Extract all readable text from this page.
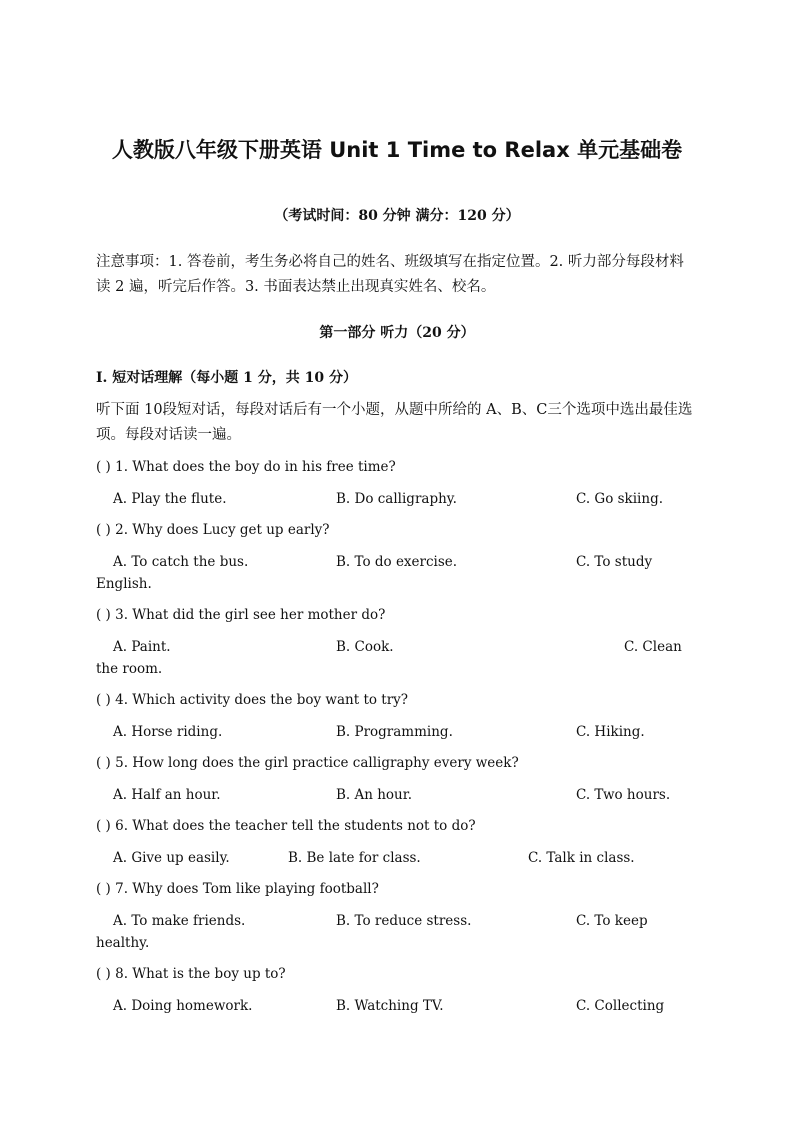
人教版八年级下册英语 Unit 1 Time to Relax 单元基础卷
（考试时间：80 分钟 满分：120 分）
注意事项：1. 答卷前，考生务必将自己的姓名、班级填写在指定位置。2. 听力部分每段材料读 2 遍，听完后作答。3. 书面表达禁止出现真实姓名、校名。
第一部分 听力（20 分）
Ⅰ. 短对话理解（每小题 1 分，共 10 分）
听下面 10段短对话，每段对话后有一个小题，从题中所给的 A、B、C三个选项中选出最佳选项。每段对话读一遍。
( ) 1. What does the boy do in his free time?
A. Play the flute.	B. Do calligraphy.	C. Go skiing.
( ) 2. Why does Lucy get up early?
A. To catch the bus.	B. To do exercise.	C. To study
English.
( ) 3. What did the girl see her mother do?
A. Paint.	B. Cook.	C. Clean
the room.
( ) 4. Which activity does the boy want to try?
A. Horse riding.	B. Programming.	C. Hiking.
( ) 5. How long does the girl practice calligraphy every week?
A. Half an hour.	B. An hour.	C. Two hours.
( ) 6. What does the teacher tell the students not to do?
A. Give up easily.	B. Be late for class.	C. Talk in class.
( ) 7. Why does Tom like playing football?
A. To make friends.	B. To reduce stress.	C. To keep
healthy.
( ) 8. What is the boy up to?
A. Doing homework.	B. Watching TV.	C. Collecting
